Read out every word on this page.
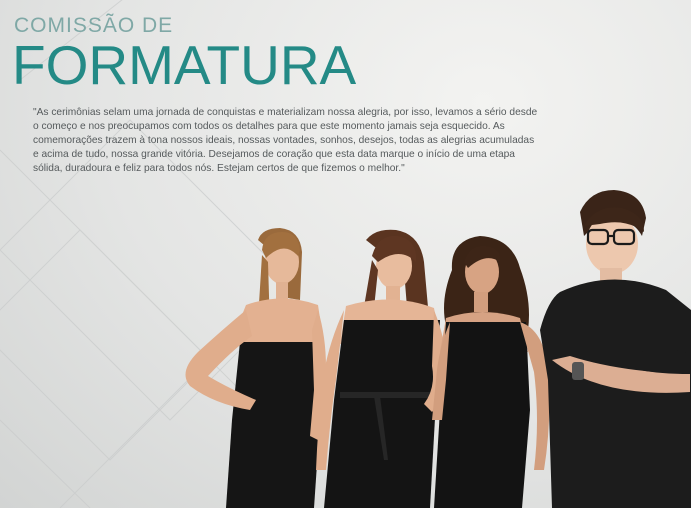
COMISSÃO DE
FORMATURA

"As cerimônias selam uma jornada de conquistas e materializam nossa alegria, por isso, levamos a sério desde o começo e nos preocupamos com todos os detalhes para que este momento jamais seja esquecido. As comemorações trazem à tona nossos ideais, nossas vontades, sonhos, desejos, todas as alegrias acumuladas e acima de tudo, nossa grande vitória. Desejamos de coração que esta data marque o início de uma etapa sólida, duradoura e feliz para todos nós. Estejam certos de que fizemos o melhor."
